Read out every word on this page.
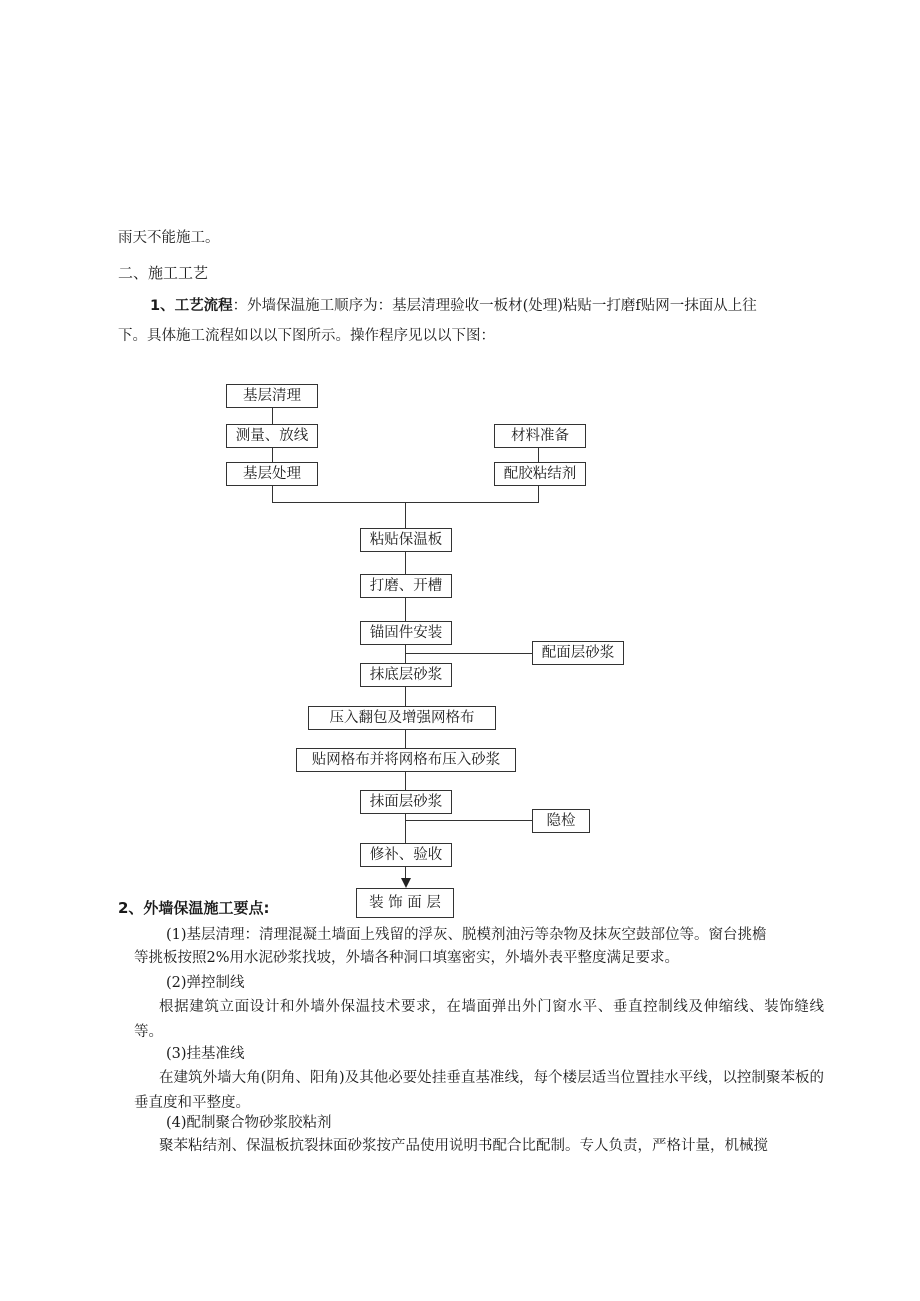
雨天不能施工。
二、施工工艺
1、工艺流程：外墙保温施工顺序为：基层清理验收一板材(处理)粘贴一打磨f贴网一抹面从上往
下。具体施工流程如以以下图所示。操作程序见以以下图：
基层清理
测量、放线
基层处理
材料准备
配胶粘结剂
粘贴保温板
打磨、开槽
锚固件安装
抹底层砂浆
压入翻包及增强网格布
贴网格布并将网格布压入砂浆
抹面层砂浆
修补、验收
装 饰 面 层
配面层砂浆
隐检
2、外墙保温施工要点:
(1)基层清理：清理混凝土墙面上残留的浮灰、脱模剂油污等杂物及抹灰空鼓部位等。窗台挑檐
等挑板按照2%用水泥砂浆找坡，外墙各种洞口填塞密实，外墙外表平整度满足要求。
(2)弹控制线
根据建筑立面设计和外墙外保温技术要求，在墙面弹出外门窗水平、垂直控制线及伸缩线、装饰缝线等。
(3)挂基准线
在建筑外墙大角(阴角、阳角)及其他必要处挂垂直基准线，每个楼层适当位置挂水平线，以控制聚苯板的垂直度和平整度。
(4)配制聚合物砂浆胶粘剂
聚苯粘结剂、保温板抗裂抹面砂浆按产品使用说明书配合比配制。专人负责，严格计量，机械搅
